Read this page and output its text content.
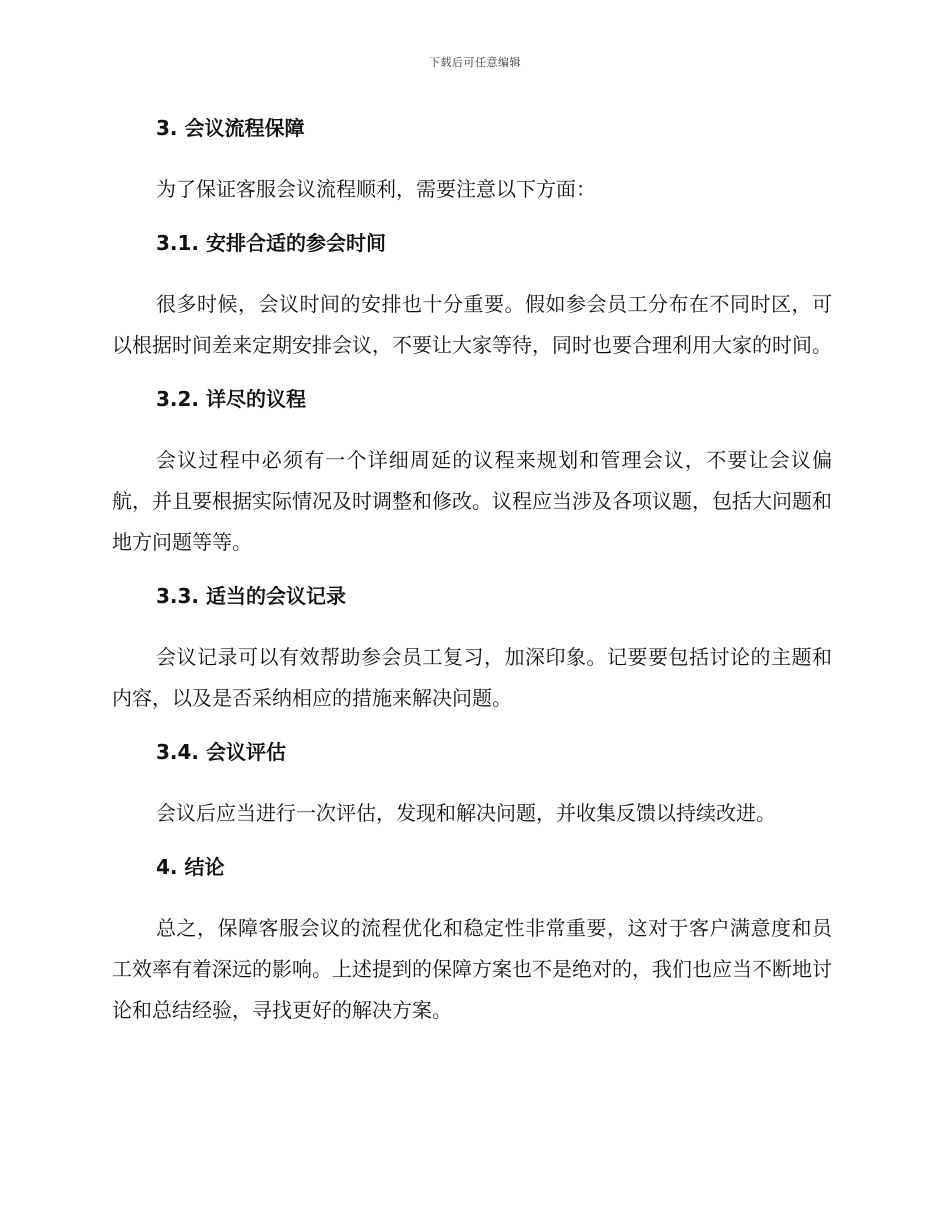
下载后可任意编辑
3. 会议流程保障

为了保证客服会议流程顺利，需要注意以下方面：

3.1. 安排合适的参会时间

很多时候，会议时间的安排也十分重要。假如参会员工分布在不同时区，可以根据时间差来定期安排会议，不要让大家等待，同时也要合理利用大家的时间。

3.2. 详尽的议程

会议过程中必须有一个详细周延的议程来规划和管理会议，不要让会议偏航，并且要根据实际情况及时调整和修改。议程应当涉及各项议题，包括大问题和地方问题等等。

3.3. 适当的会议记录

会议记录可以有效帮助参会员工复习，加深印象。记要要包括讨论的主题和内容，以及是否采纳相应的措施来解决问题。

3.4. 会议评估

会议后应当进行一次评估，发现和解决问题，并收集反馈以持续改进。

4. 结论

总之，保障客服会议的流程优化和稳定性非常重要，这对于客户满意度和员工效率有着深远的影响。上述提到的保障方案也不是绝对的，我们也应当不断地讨论和总结经验，寻找更好的解决方案。
